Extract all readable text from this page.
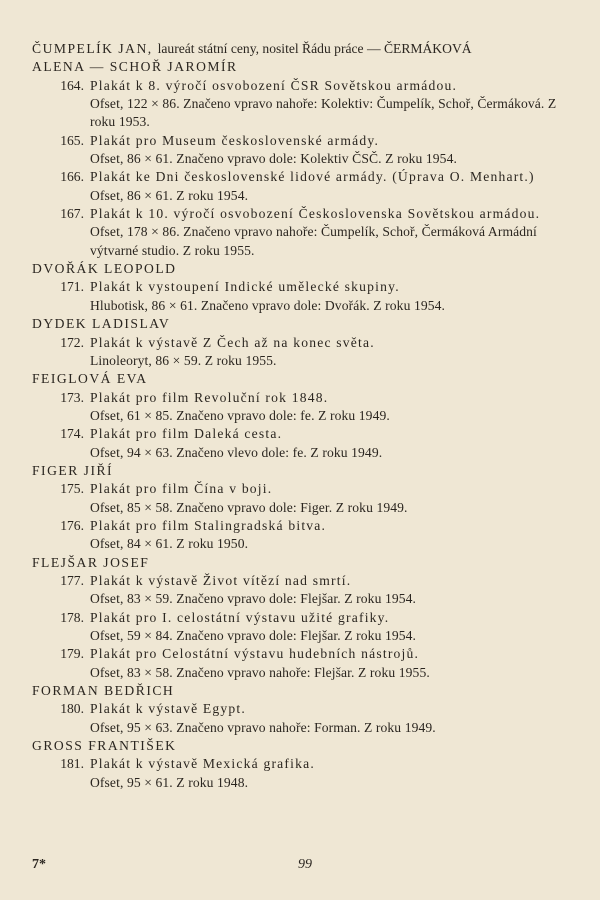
ČUMPELÍK JAN, laureát státní ceny, nositel Řádu práce — ČERMÁKOVÁ
ALENA — SCHOŘ JAROMÍR
164. Plakát k 8. výročí osvobození ČSR Sovětskou armádou.
Ofset, 122 × 86. Značeno vpravo nahoře: Kolektiv: Čumpelík, Schoř, Čermáková. Z roku 1953.
165. Plakát pro Museum československé armády.
Ofset, 86 × 61. Značeno vpravo dole: Kolektiv ČSČ. Z roku 1954.
166. Plakát ke Dni československé lidové armády. (Úprava O. Menhart.)
Ofset, 86 × 61. Z roku 1954.
167. Plakát k 10. výročí osvobození Československa Sovětskou armádou.
Ofset, 178 × 86. Značeno vpravo nahoře: Čumpelík, Schoř, Čermáková Armádní výtvarné studio. Z roku 1955.
DVOŘÁK LEOPOLD
171. Plakát k vystoupení Indické umělecké skupiny.
Hlubotisk, 86 × 61. Značeno vpravo dole: Dvořák. Z roku 1954.
DYDEK LADISLAV
172. Plakát k výstavě Z Čech až na konec světa.
Linoleoryt, 86 × 59. Z roku 1955.
FEIGLOVÁ EVA
173. Plakát pro film Revoluční rok 1848.
Ofset, 61 × 85. Značeno vpravo dole: fe. Z roku 1949.
174. Plakát pro film Daleká cesta.
Ofset, 94 × 63. Značeno vlevo dole: fe. Z roku 1949.
FIGER JIŘÍ
175. Plakát pro film Čína v boji.
Ofset, 85 × 58. Značeno vpravo dole: Figer. Z roku 1949.
176. Plakát pro film Stalingradská bitva.
Ofset, 84 × 61. Z roku 1950.
FLEJŠAR JOSEF
177. Plakát k výstavě Život vítězí nad smrtí.
Ofset, 83 × 59. Značeno vpravo dole: Flejšar. Z roku 1954.
178. Plakát pro I. celostátní výstavu užité grafiky.
Ofset, 59 × 84. Značeno vpravo dole: Flejšar. Z roku 1954.
179. Plakát pro Celostátní výstavu hudebních nástrojů.
Ofset, 83 × 58. Značeno vpravo nahoře: Flejšar. Z roku 1955.
FORMAN BEDŘICH
180. Plakát k výstavě Egypt.
Ofset, 95 × 63. Značeno vpravo nahoře: Forman. Z roku 1949.
GROSS FRANTIŠEK
181. Plakát k výstavě Mexická grafika.
Ofset, 95 × 61. Z roku 1948.
7*	99
